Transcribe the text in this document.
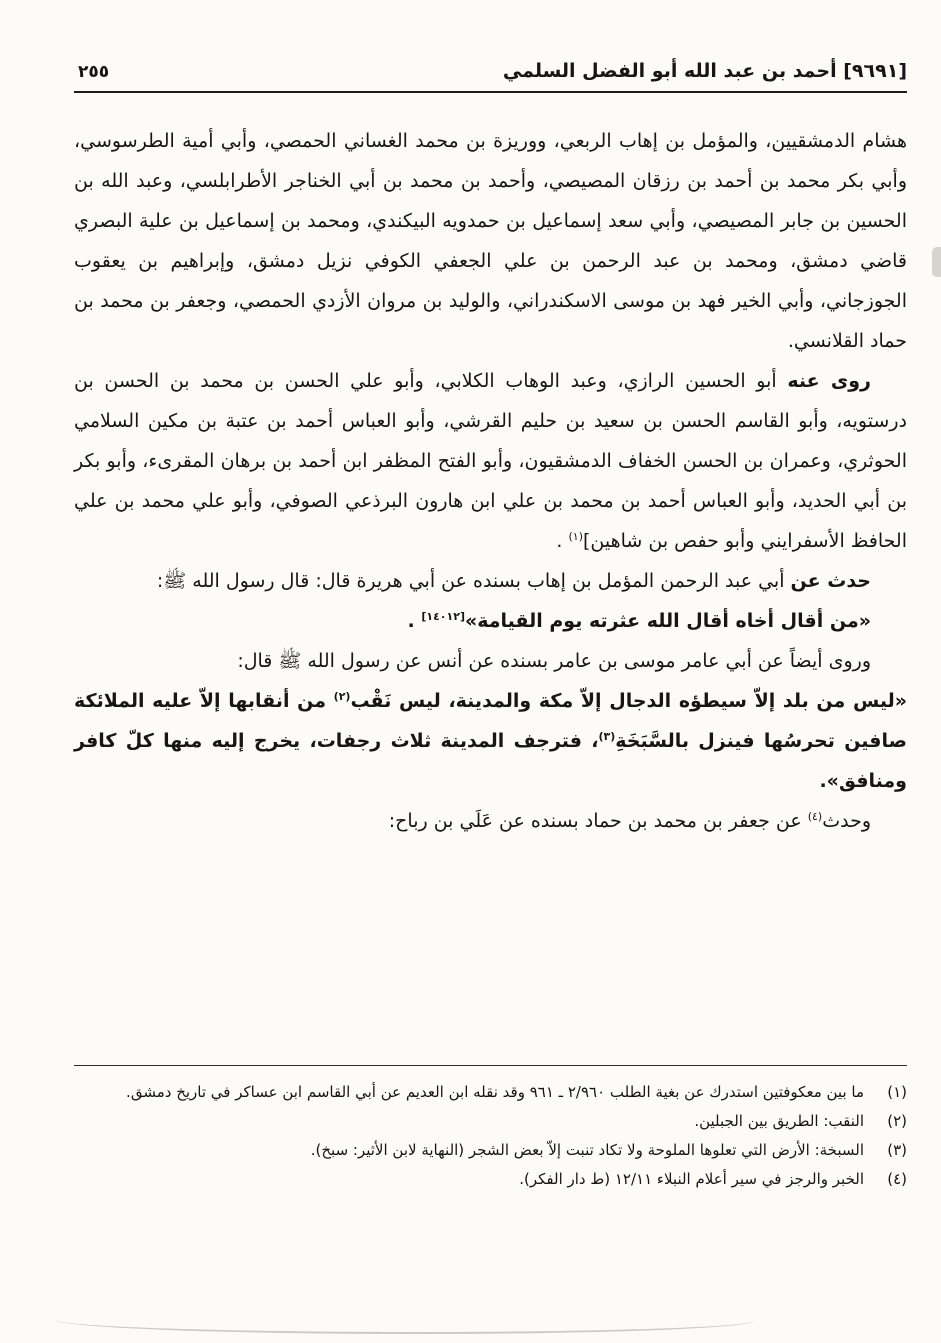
[٩٦٩١] أحمد بن عبد الله أبو الفضل السلمي
٢٥٥

هشام الدمشقيين، والمؤمل بن إهاب الربعي، ووريزة بن محمد الغساني الحمصي، وأبي أمية الطرسوسي، وأبي بكر محمد بن أحمد بن رزقان المصيصي، وأحمد بن محمد بن أبي الخناجر الأطرابلسي، وعبد الله بن الحسين بن جابر المصيصي، وأبي سعد إسماعيل بن حمدويه البيكندي، ومحمد بن إسماعيل بن علية البصري قاضي دمشق، ومحمد بن عبد الرحمن بن علي الجعفي الكوفي نزيل دمشق، وإبراهيم بن يعقوب الجوزجاني، وأبي الخير فهد بن موسى الاسكندراني، والوليد بن مروان الأزدي الحمصي، وجعفر بن محمد بن حماد القلانسي.

روى عنه أبو الحسين الرازي، وعبد الوهاب الكلابي، وأبو علي الحسن بن محمد بن الحسن بن درستويه، وأبو القاسم الحسن بن سعيد بن حليم القرشي، وأبو العباس أحمد بن عتبة بن مكين السلامي الحوثري، وعمران بن الحسن الخفاف الدمشقيون، وأبو الفتح المظفر ابن أحمد بن برهان المقرىء، وأبو بكر بن أبي الحديد، وأبو العباس أحمد بن محمد بن علي ابن هارون البرذعي الصوفي، وأبو علي محمد بن علي الحافظ الأسفرايني وأبو حفص بن شاهين]$^{(١)}$ .

حدث عن أبي عبد الرحمن المؤمل بن إهاب بسنده عن أبي هريرة قال: قال رسول الله ﷺ:

«من أقال أخاه أقال الله عثرته يوم القيامة»[١٤٠١٢] .

وروى أيضاً عن أبي عامر موسى بن عامر بسنده عن أنس عن رسول الله ﷺ قال:

«ليس من بلد إلاّ سيطؤه الدجال إلاّ مكة والمدينة، ليس نَقْب$^{(٢)}$ من أنقابها إلاّ عليه الملائكة صافين تحرسُها فينزل بالسَّبَخَةِ$^{(٣)}$، فترجف المدينة ثلاث رجفات، يخرج إليه منها كلّ كافر ومنافق».

وحدث$^{(٤)}$ عن جعفر بن محمد بن حماد بسنده عن عَلَي بن رباح:

(١)
ما بين معكوفتين استدرك عن بغية الطلب ٢/٩٦٠ ـ ٩٦١ وقد نقله ابن العديم عن أبي القاسم ابن عساكر في تاريخ دمشق.
(٢)
النقب: الطريق بين الجبلين.
(٣)
السبخة: الأرض التي تعلوها الملوحة ولا تكاد تنبت إلاّ بعض الشجر (النهاية لابن الأثير: سبخ).
(٤)
الخبر والرجز في سير أعلام النبلاء ١٢/١١ (ط دار الفكر).
